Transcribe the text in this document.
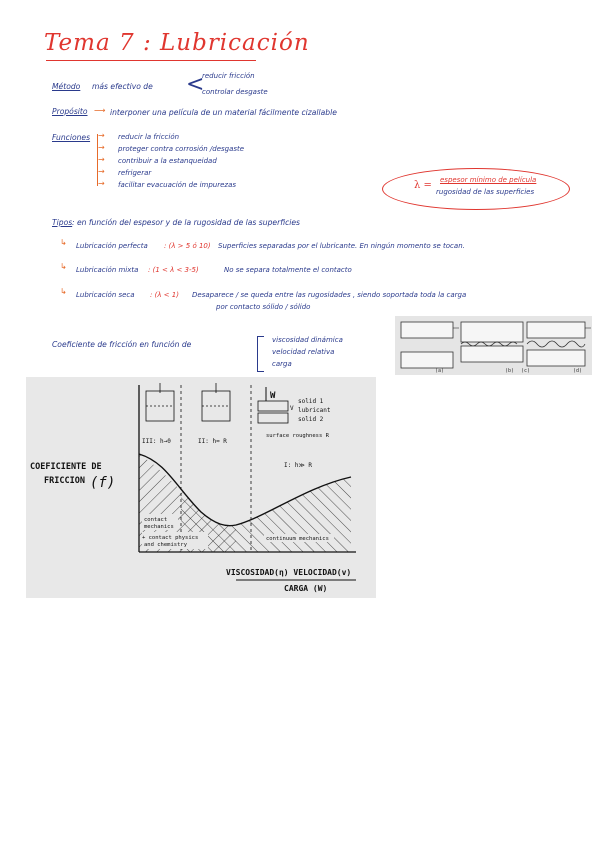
Tema 7 : Lubricación
Método más efectivo de <
reducir fricción
controlar desgaste
Propósito ⟶ interponer una película de un material fácilmente cizallable
Funciones → reducir la fricción
→ proteger contra corrosión /desgaste
→ contribuir a la estanqueidad
→ refrigerar
→ facilitar evacuación de impurezas	λ = espesor mínimo de película
rugosidad de las superficies
Tipos : en función del espesor y de la rugosidad de las superficies
↳ Lubricación perfecta : (λ > 5 ó 10) Superficies separadas por el lubricante. En ningún momento se tocan.
↳ Lubricación mixta : (1 < λ < 3-5)	No se separa totalmente el contacto
↳ Lubricación seca : (λ < 1) Desaparece / se queda entre las rugosidades , siendo soportada toda la carga
por contacto sólido / sólido
Coeficiente de fricción en función de	viscosidad dinámica
velocidad relativa
carga
(a)	(b) (c)	(d)
W
V
solid 1
lubricant
solid 2
surface roughness R
III: h→0	II: h≈ R
I: h≫ R
contact
mechanics
+ contact physics
and chemistry
continuum mechanics
COEFICIENTE DE
FRICCION (f)
VISCOSIDAD(η) VELOCIDAD(v)
CARGA (W)
